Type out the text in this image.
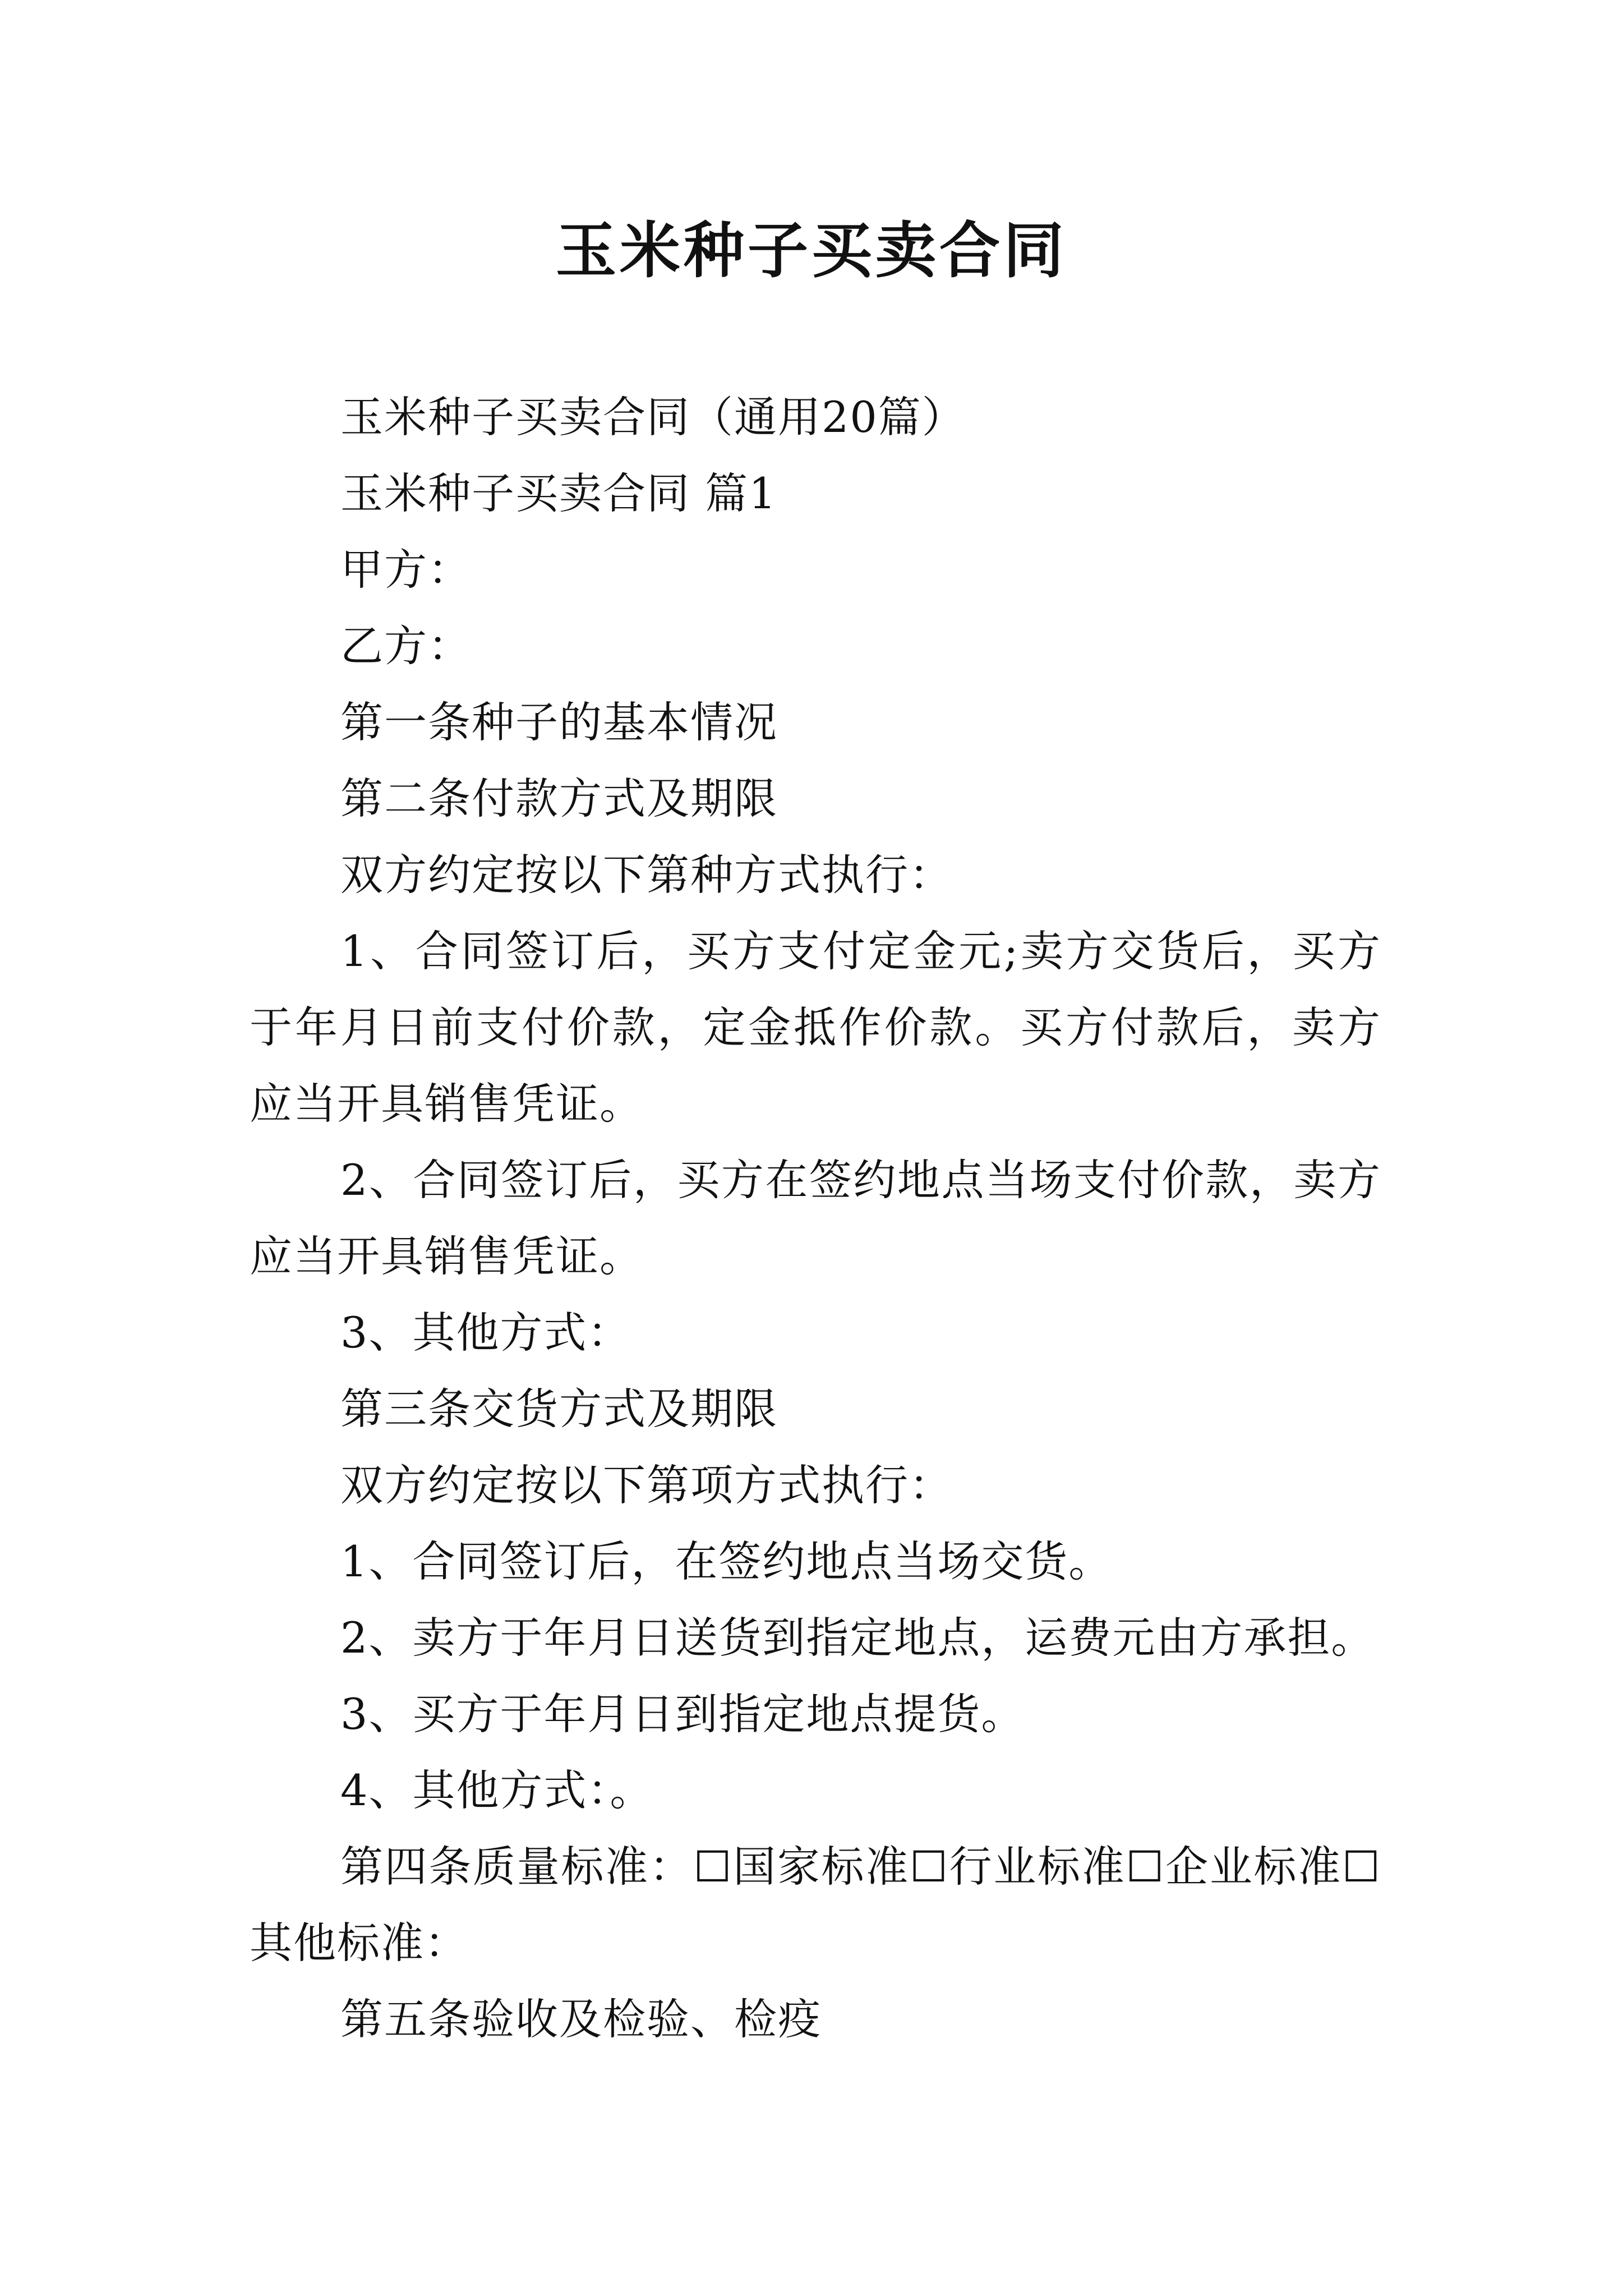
玉米种子买卖合同

玉米种子买卖合同（通用20篇）

玉米种子买卖合同 篇1

甲方：

乙方：

第一条种子的基本情况

第二条付款方式及期限

双方约定按以下第种方式执行：

1、合同签订后，买方支付定金元;卖方交货后，买方于年月日前支付价款，定金抵作价款。买方付款后，卖方应当开具销售凭证。

2、合同签订后，买方在签约地点当场支付价款，卖方应当开具销售凭证。

3、其他方式：

第三条交货方式及期限

双方约定按以下第项方式执行：

1、合同签订后，在签约地点当场交货。

2、卖方于年月日送货到指定地点，运费元由方承担。

3、买方于年月日到指定地点提货。

4、其他方式：。

第四条质量标准：☐国家标准☐行业标准☐企业标准☐其他标准：

第五条验收及检验、检疫
